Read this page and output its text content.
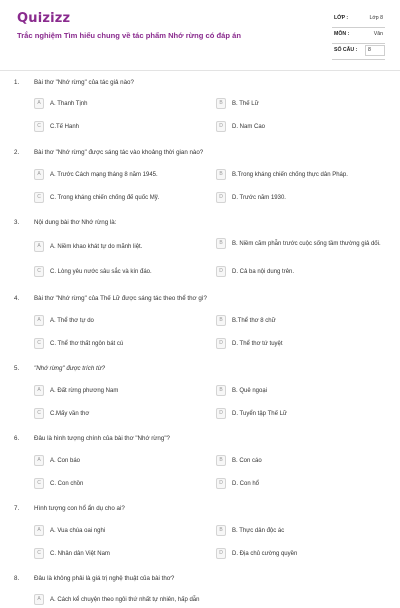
Quizizz
Trắc nghiệm Tìm hiểu chung về tác phẩm Nhớ rừng có đáp án
LỚP :	Lớp 8
MÔN :	Văn
SỐ CÂU : 8
1. Bài thơ "Nhớ rừng" của tác giả nào?
A	A. Thanh Tịnh	B	B. Thế Lữ
C	C.Tế Hanh	D	D. Nam Cao
2. Bài thơ "Nhớ rừng" được sáng tác vào khoảng thời gian nào?
A	A. Trước Cách mạng tháng 8 năm 1945.	B	B.Trong kháng chiến chống thực dân Pháp.
C	C. Trong kháng chiến chống đế quốc Mỹ.	D	D. Trước năm 1930.
3. Nội dung bài thơ Nhớ rừng là:
A	A. Niềm khao khát tự do mãnh liệt.
B	B. Niềm căm phẫn trước cuộc sống tầm thường giả dối.
C	C. Lòng yêu nước sâu sắc và kín đáo.	D	D. Cả ba nội dung trên.
4. Bài thơ "Nhớ rừng" của Thế Lữ được sáng tác theo thể thơ gì?
A	A. Thể thơ tự do	B	B.Thể thơ 8 chữ
C	C. Thể thơ thất ngôn bát cú	D	D. Thể thơ tứ tuyệt
5. "Nhớ rừng" được trích từ?
A	A. Đất rừng phương Nam	B	B. Quê ngoại
C	C.Mấy vần thơ	D	D. Tuyển tập Thế Lữ
6. Đâu là hình tượng chính của bài thơ "Nhớ rừng"?
A	A. Con báo	B	B. Con cáo
C	C. Con chồn	D	D. Con hổ
7. Hình tượng con hổ ẩn dụ cho ai?
A	A. Vua chúa oai nghi	B	B. Thực dân độc ác
C	C. Nhân dân Việt Nam	D	D. Địa chủ cường quyền
8. Đâu là không phải là giá trị nghệ thuật của bài thơ?
A	A. Cách kể chuyện theo ngôi thứ nhất tự nhiên, hấp dẫn
